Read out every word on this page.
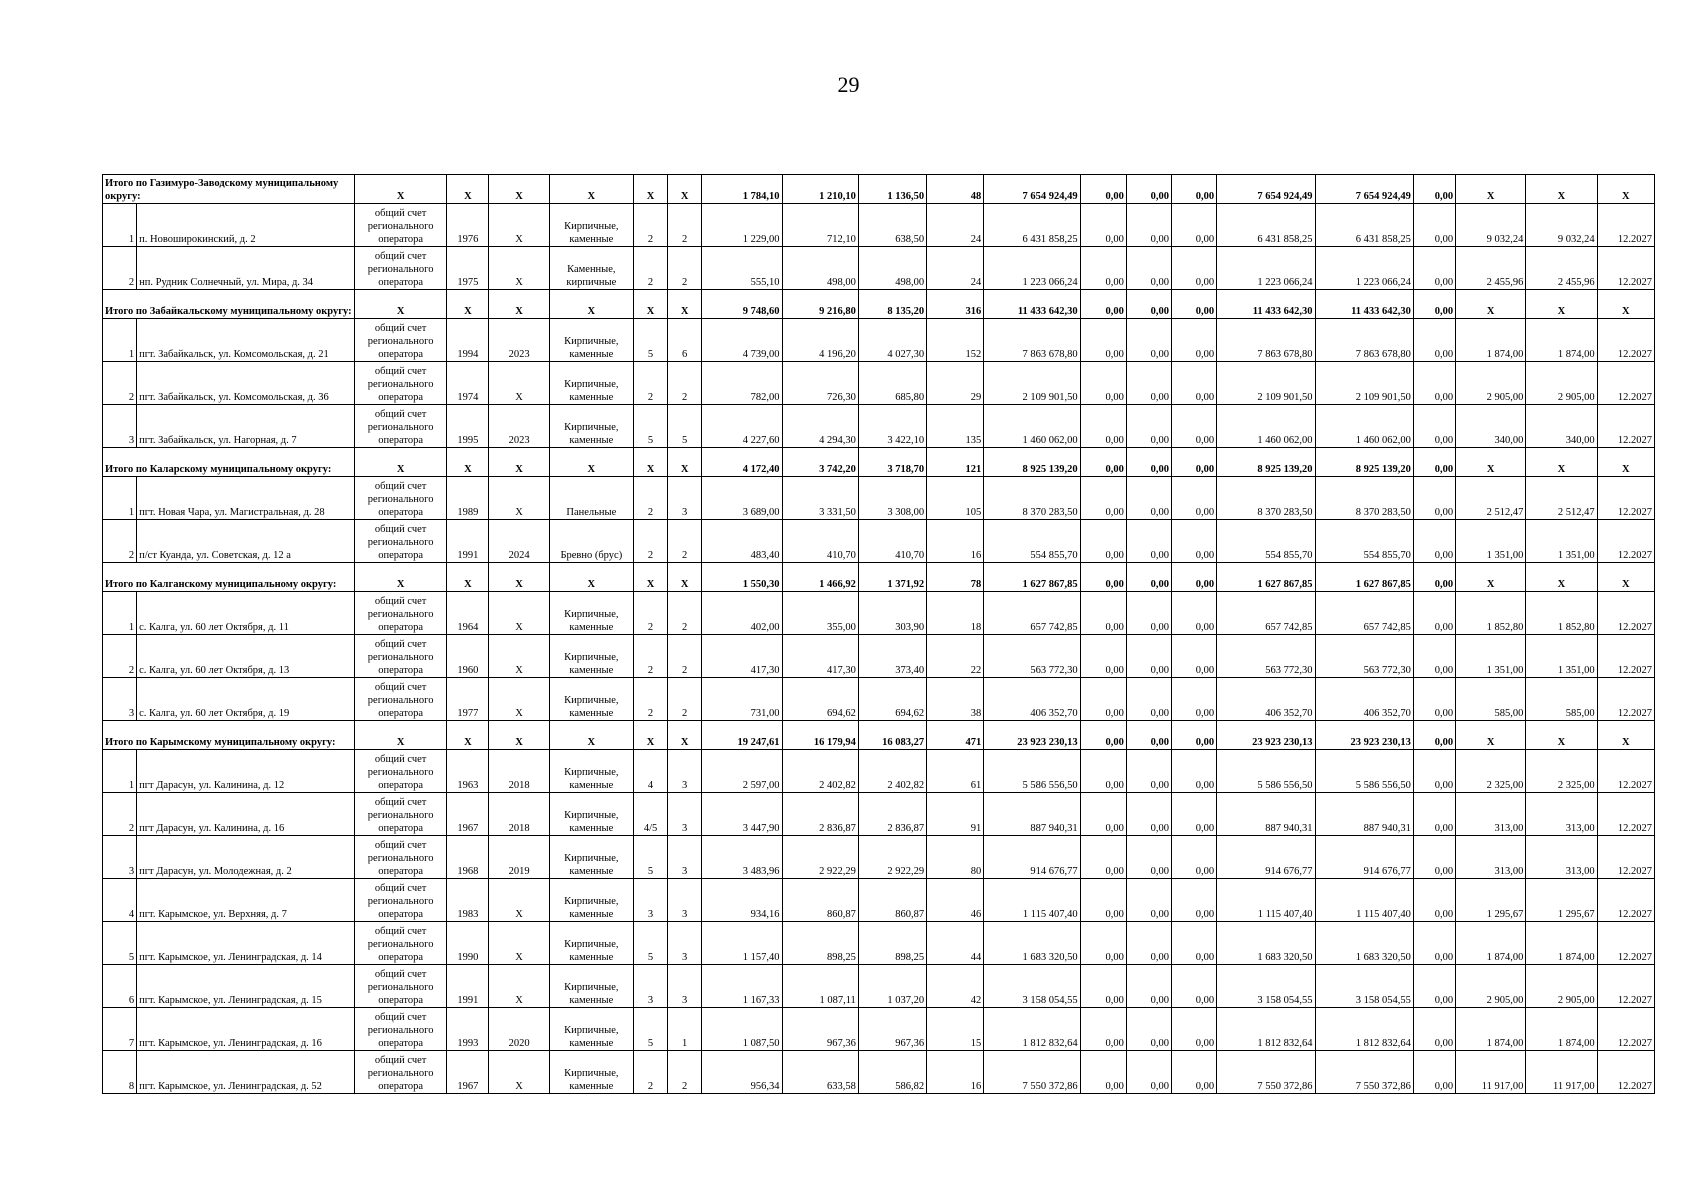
29
Итого по Газимуро-Заводскому муниципальному округу:		X	X	X	X	X	X	1 784,10	1 210,10	1 136,50	48	7 654 924,49	0,00	0,00	0,00	7 654 924,49	7 654 924,49	0,00	X	X	X
1	п. Новоширокинский, д. 2	общий счет регионального оператора	1976	X	Кирпичные, каменные	2	2	1 229,00	712,10	638,50	24	6 431 858,25	0,00	0,00	0,00	6 431 858,25	6 431 858,25	0,00	9 032,24	9 032,24	12.2027
2	нп. Рудник Солнечный, ул. Мира, д. 34	общий счет регионального оператора	1975	X	Каменные, кирпичные	2	2	555,10	498,00	498,00	24	1 223 066,24	0,00	0,00	0,00	1 223 066,24	1 223 066,24	0,00	2 455,96	2 455,96	12.2027
Итого по Забайкальскому муниципальному округу:		X	X	X	X	X	X	9 748,60	9 216,80	8 135,20	316	11 433 642,30	0,00	0,00	0,00	11 433 642,30	11 433 642,30	0,00	X	X	X
1	пгт. Забайкальск, ул. Комсомольская, д. 21	общий счет регионального оператора	1994	2023	Кирпичные, каменные	5	6	4 739,00	4 196,20	4 027,30	152	7 863 678,80	0,00	0,00	0,00	7 863 678,80	7 863 678,80	0,00	1 874,00	1 874,00	12.2027
2	пгт. Забайкальск, ул. Комсомольская, д. 36	общий счет регионального оператора	1974	X	Кирпичные, каменные	2	2	782,00	726,30	685,80	29	2 109 901,50	0,00	0,00	0,00	2 109 901,50	2 109 901,50	0,00	2 905,00	2 905,00	12.2027
3	пгт. Забайкальск, ул. Нагорная, д. 7	общий счет регионального оператора	1995	2023	Кирпичные, каменные	5	5	4 227,60	4 294,30	3 422,10	135	1 460 062,00	0,00	0,00	0,00	1 460 062,00	1 460 062,00	0,00	340,00	340,00	12.2027
Итого по Каларскому муниципальному округу:		X	X	X	X	X	X	4 172,40	3 742,20	3 718,70	121	8 925 139,20	0,00	0,00	0,00	8 925 139,20	8 925 139,20	0,00	X	X	X
1	пгт. Новая Чара, ул. Магистральная, д. 28	общий счет регионального оператора	1989	X	Панельные	2	3	3 689,00	3 331,50	3 308,00	105	8 370 283,50	0,00	0,00	0,00	8 370 283,50	8 370 283,50	0,00	2 512,47	2 512,47	12.2027
2	п/ст Куанда, ул. Советская, д. 12 а	общий счет регионального оператора	1991	2024	Бревно (брус)	2	2	483,40	410,70	410,70	16	554 855,70	0,00	0,00	0,00	554 855,70	554 855,70	0,00	1 351,00	1 351,00	12.2027
Итого по Калганскому муниципальному округу:		X	X	X	X	X	X	1 550,30	1 466,92	1 371,92	78	1 627 867,85	0,00	0,00	0,00	1 627 867,85	1 627 867,85	0,00	X	X	X
1	с. Калга, ул. 60 лет Октября, д. 11	общий счет регионального оператора	1964	X	Кирпичные, каменные	2	2	402,00	355,00	303,90	18	657 742,85	0,00	0,00	0,00	657 742,85	657 742,85	0,00	1 852,80	1 852,80	12.2027
2	с. Калга, ул. 60 лет Октября, д. 13	общий счет регионального оператора	1960	X	Кирпичные, каменные	2	2	417,30	417,30	373,40	22	563 772,30	0,00	0,00	0,00	563 772,30	563 772,30	0,00	1 351,00	1 351,00	12.2027
3	с. Калга, ул. 60 лет Октября, д. 19	общий счет регионального оператора	1977	X	Кирпичные, каменные	2	2	731,00	694,62	694,62	38	406 352,70	0,00	0,00	0,00	406 352,70	406 352,70	0,00	585,00	585,00	12.2027
Итого по Карымскому муниципальному округу:		X	X	X	X	X	X	19 247,61	16 179,94	16 083,27	471	23 923 230,13	0,00	0,00	0,00	23 923 230,13	23 923 230,13	0,00	X	X	X
1	пгт Дарасун, ул. Калинина, д. 12	общий счет регионального оператора	1963	2018	Кирпичные, каменные	4	3	2 597,00	2 402,82	2 402,82	61	5 586 556,50	0,00	0,00	0,00	5 586 556,50	5 586 556,50	0,00	2 325,00	2 325,00	12.2027
2	пгт Дарасун, ул. Калинина, д. 16	общий счет регионального оператора	1967	2018	Кирпичные, каменные	4/5	3	3 447,90	2 836,87	2 836,87	91	887 940,31	0,00	0,00	0,00	887 940,31	887 940,31	0,00	313,00	313,00	12.2027
3	пгт Дарасун, ул. Молодежная, д. 2	общий счет регионального оператора	1968	2019	Кирпичные, каменные	5	3	3 483,96	2 922,29	2 922,29	80	914 676,77	0,00	0,00	0,00	914 676,77	914 676,77	0,00	313,00	313,00	12.2027
4	пгт. Карымское, ул. Верхняя, д. 7	общий счет регионального оператора	1983	X	Кирпичные, каменные	3	3	934,16	860,87	860,87	46	1 115 407,40	0,00	0,00	0,00	1 115 407,40	1 115 407,40	0,00	1 295,67	1 295,67	12.2027
5	пгт. Карымское, ул. Ленинградская, д. 14	общий счет регионального оператора	1990	X	Кирпичные, каменные	5	3	1 157,40	898,25	898,25	44	1 683 320,50	0,00	0,00	0,00	1 683 320,50	1 683 320,50	0,00	1 874,00	1 874,00	12.2027
6	пгт. Карымское, ул. Ленинградская, д. 15	общий счет регионального оператора	1991	X	Кирпичные, каменные	3	3	1 167,33	1 087,11	1 037,20	42	3 158 054,55	0,00	0,00	0,00	3 158 054,55	3 158 054,55	0,00	2 905,00	2 905,00	12.2027
7	пгт. Карымское, ул. Ленинградская, д. 16	общий счет регионального оператора	1993	2020	Кирпичные, каменные	5	1	1 087,50	967,36	967,36	15	1 812 832,64	0,00	0,00	0,00	1 812 832,64	1 812 832,64	0,00	1 874,00	1 874,00	12.2027
8	пгт. Карымское, ул. Ленинградская, д. 52	общий счет регионального оператора	1967	X	Кирпичные, каменные	2	2	956,34	633,58	586,82	16	7 550 372,86	0,00	0,00	0,00	7 550 372,86	7 550 372,86	0,00	11 917,00	11 917,00	12.2027
